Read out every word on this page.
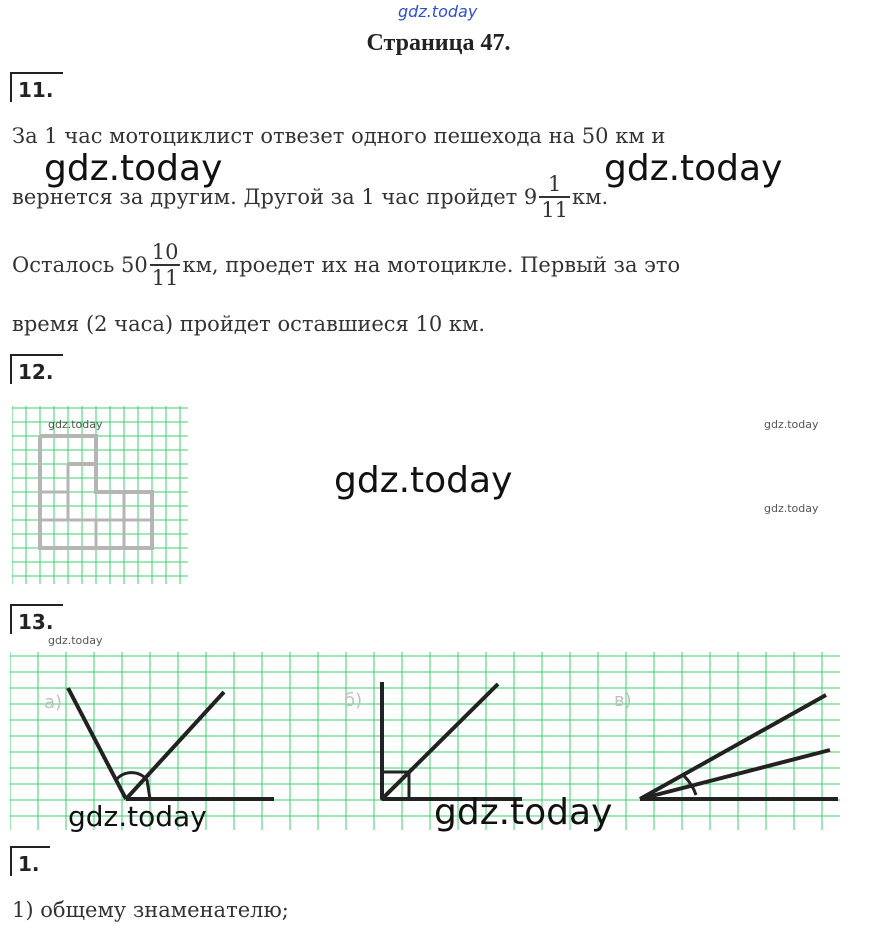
gdz.today
Страница 47.
11.
За 1 час мотоциклист отвезет одного пешехода на 50 км и
вернется за другим. Другой за 1 час пройдет $9 \frac{1}{11}$ км.
Осталось $50 \frac{10}{11}$ км, проедет их на мотоцикле. Первый за это
время (2 часа) пройдет оставшиеся 10 км.
12.
gdz.today	gdz.today
gdz.today
13.
gdz.today
а)	б)	в)
1.
1) общему знаменателю;
gdz.today	gdz.today
gdz.today
gdz.today	gdz.today
